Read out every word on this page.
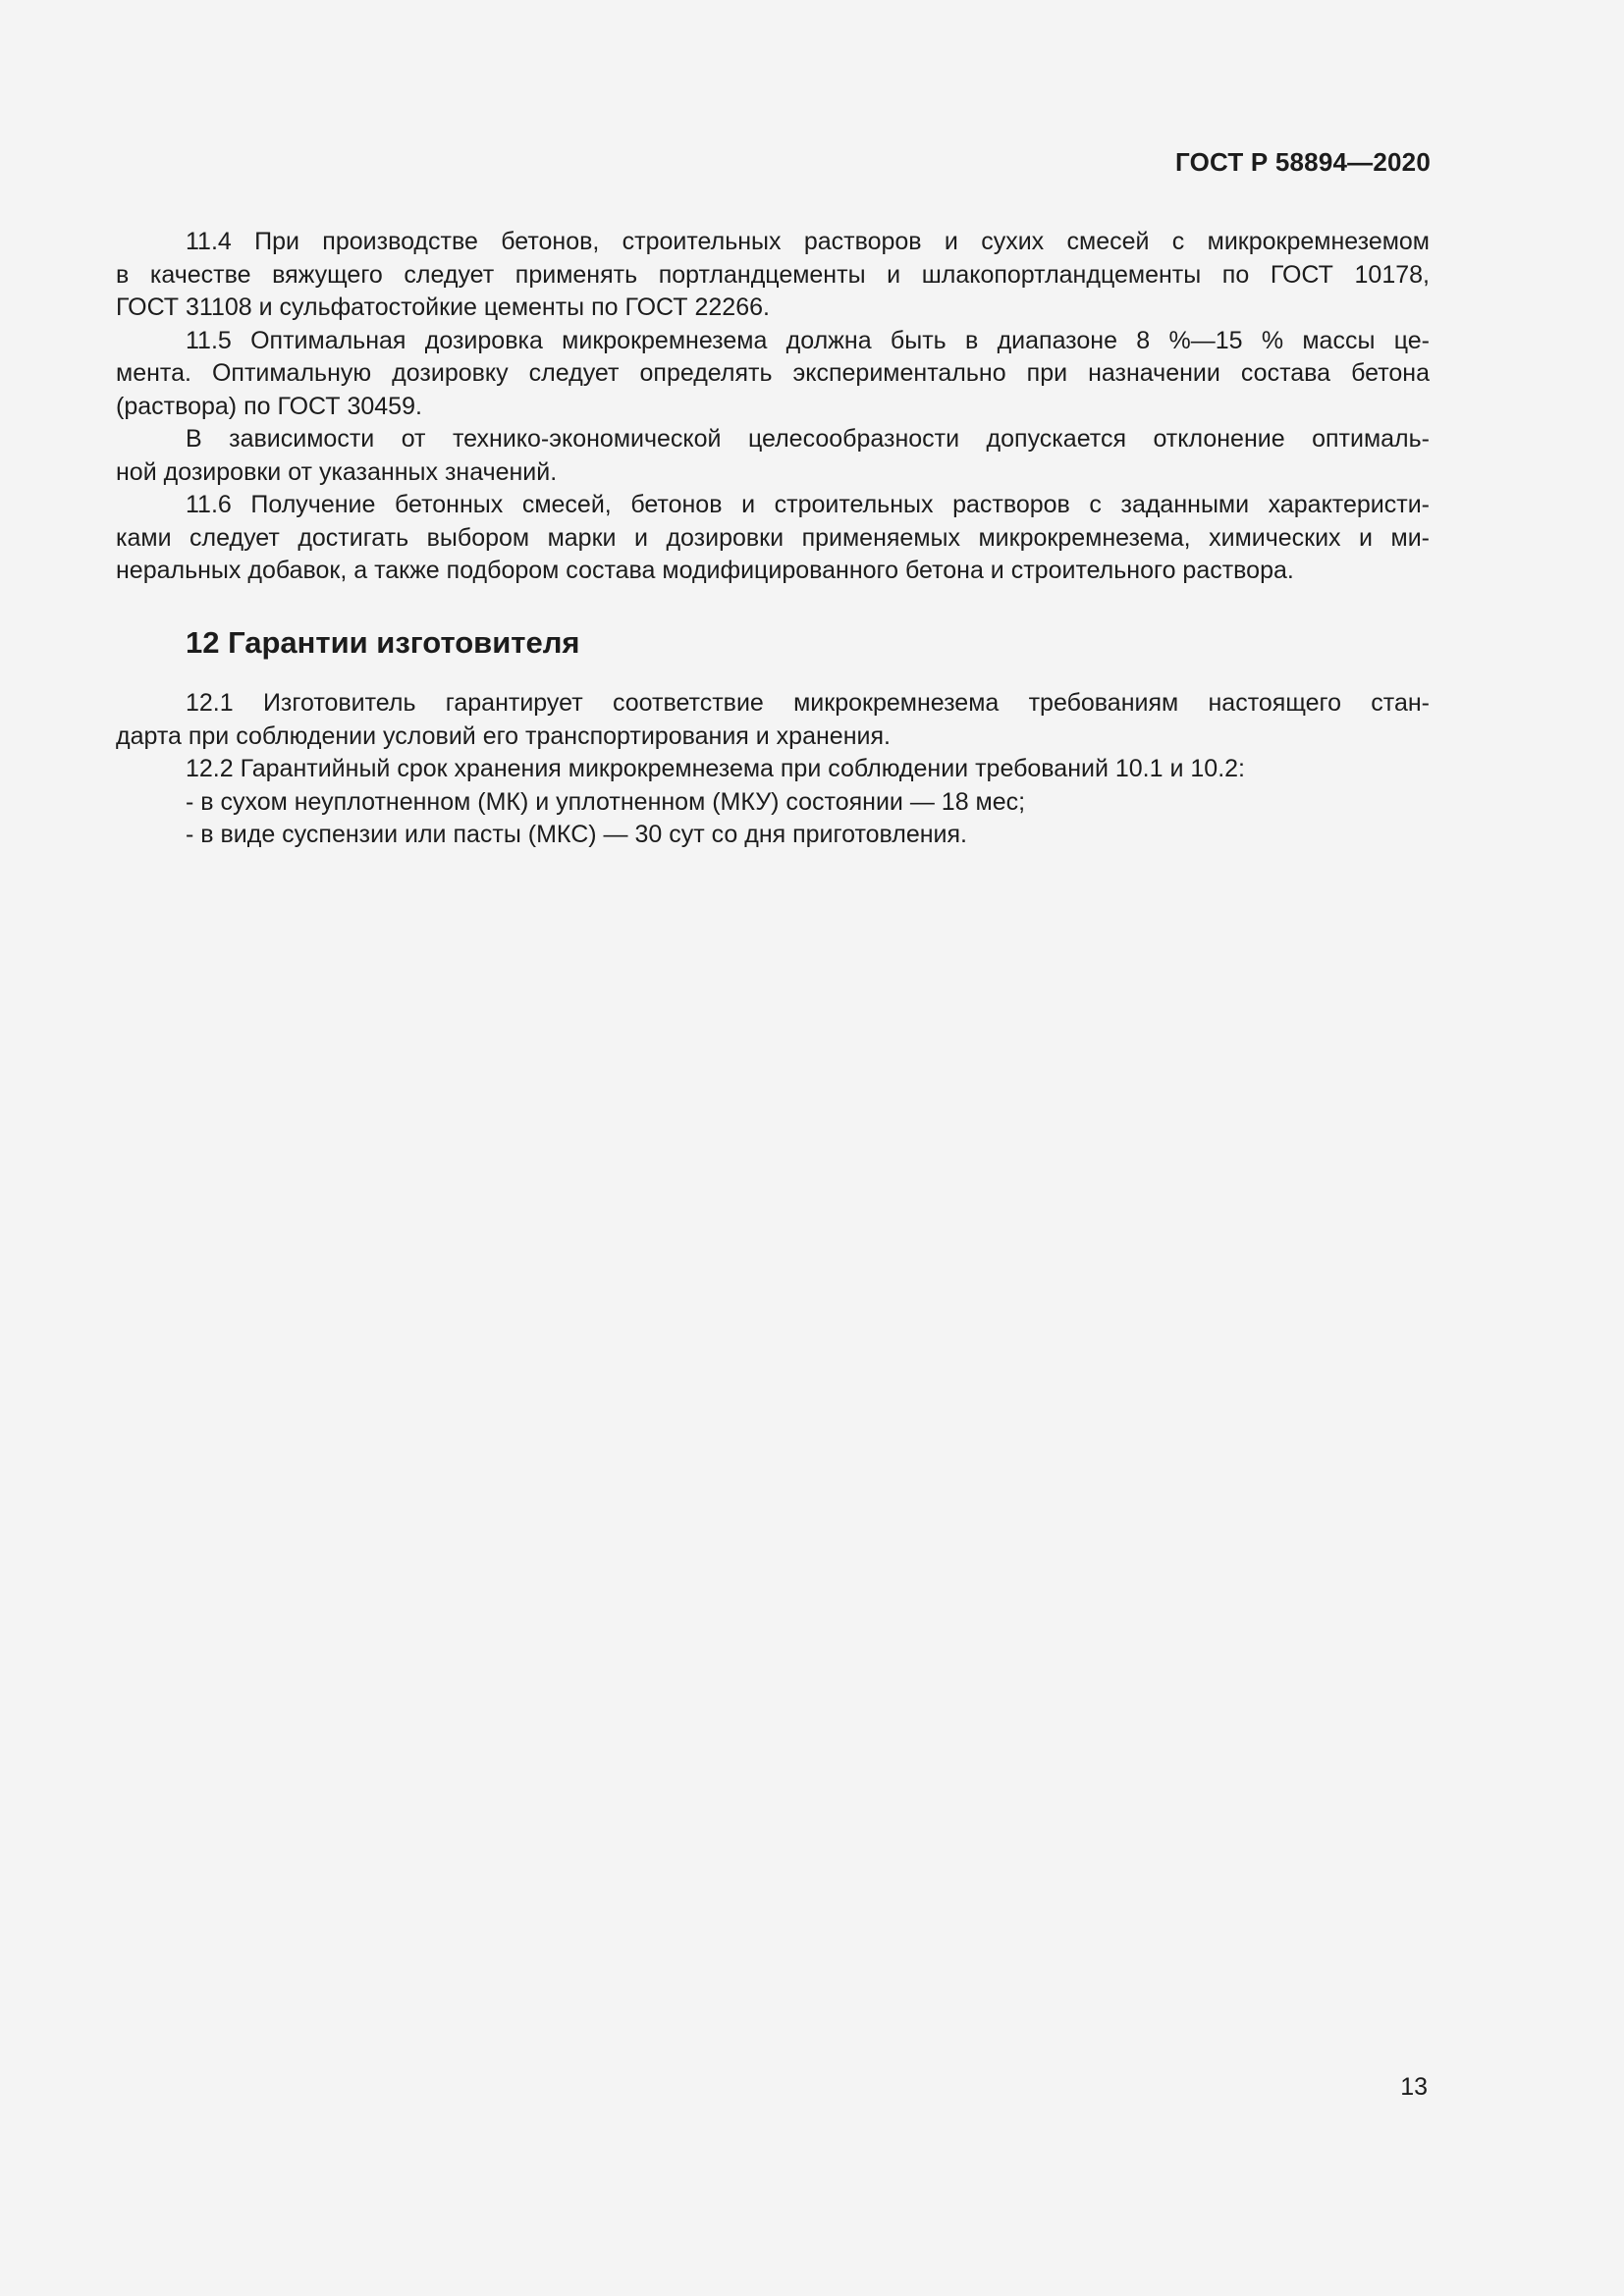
ГОСТ Р 58894—2020
11.4 При производстве бетонов, строительных растворов и сухих смесей с микрокремнеземом
в качестве вяжущего следует применять портландцементы и шлакопортландцементы по ГОСТ 10178,
ГОСТ 31108 и сульфатостойкие цементы по ГОСТ 22266.
11.5 Оптимальная дозировка микрокремнезема должна быть в диапазоне 8 %—15 % массы це-
мента. Оптимальную дозировку следует определять экспериментально при назначении состава бетона
(раствора) по ГОСТ 30459.
В зависимости от технико-экономической целесообразности допускается отклонение оптималь-
ной дозировки от указанных значений.
11.6 Получение бетонных смесей, бетонов и строительных растворов с заданными характеристи-
ками следует достигать выбором марки и дозировки применяемых микрокремнезема, химических и ми-
неральных добавок, а также подбором состава модифицированного бетона и строительного раствора.
12 Гарантии изготовителя
12.1 Изготовитель гарантирует соответствие микрокремнезема требованиям настоящего стан-
дарта при соблюдении условий его транспортирования и хранения.
12.2 Гарантийный срок хранения микрокремнезема при соблюдении требований 10.1 и 10.2:
- в сухом неуплотненном (МК) и уплотненном (МКУ) состоянии — 18 мес;
- в виде суспензии или пасты (МКС) — 30 сут со дня приготовления.
13
